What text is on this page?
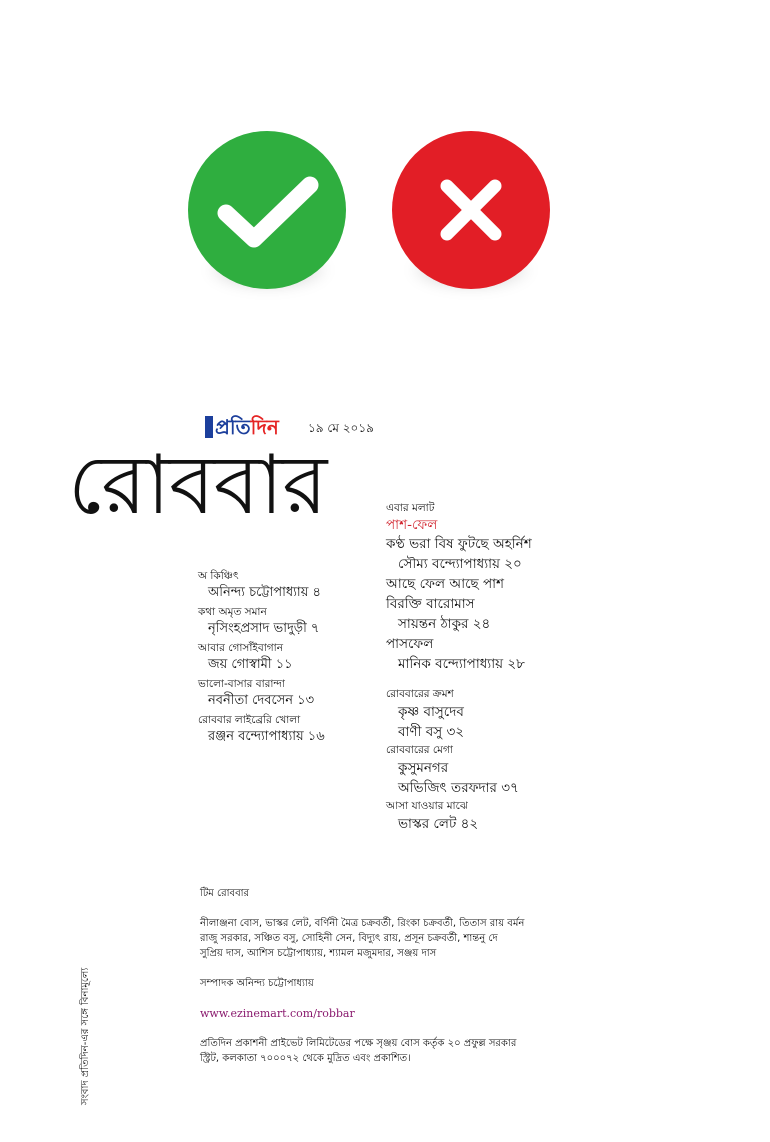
প্রতি দিন ১৯ মে ২০১৯
রোববার
অ কিঞ্চিৎ
অনিন্দ্য চট্টোপাধ্যায় ৪
কথা অমৃত সমান
নৃসিংহপ্রসাদ ভাদুড়ী ৭
আবার গোসাঁইবাগান
জয় গোস্বামী ১১
ভালো-বাসার বারান্দা
নবনীতা দেবসেন ১৩
রোববার লাইব্রেরি খোলা
রঞ্জন বন্দ্যোপাধ্যায় ১৬
এবার মলাট
পাশ-ফেল
কণ্ঠ ভরা বিষ ফুটছে অহর্নিশ
সৌম্য বন্দ্যোপাধ্যায় ২০
আছে ফেল আছে পাশ
বিরক্তি বারোমাস
সায়ন্তন ঠাকুর ২৪
পাসফেল
মানিক বন্দ্যোপাধ্যায় ২৮
রোববারের ক্রমশ
কৃষ্ণ বাসুদেব
বাণী বসু ৩২
রোববারের মেগা
কুসুমনগর
অভিজিৎ তরফদার ৩৭
আসা যাওয়ার মাঝে
ভাস্কর লেট ৪২
সংবাদ প্রতিদিন-এর সঙ্গে বিনামূল্যে
টিম রোববার
নীলাঞ্জনা বোস, ভাস্কর লেট, বর্ণিনী মৈত্র চক্রবর্তী, রিংকা চক্রবর্তী, তিতাস রায় বর্মন
রাজু সরকার, সঞ্চিত বসু, সোহিনী সেন, বিদ্যুৎ রায়, প্রসূন চক্রবর্তী, শান্তনু দে
সুপ্রিয় দাস, আশিস চট্টোপাধ্যায়, শ্যামল মজুমদার, সঞ্জয় দাস
সম্পাদক অনিন্দ্য চট্টোপাধ্যায়
www.ezinemart.com/robbar
প্রতিদিন প্রকাশনী প্রাইভেট লিমিটেডের পক্ষে সৃঞ্জয় বোস কর্তৃক ২০ প্রফুল্ল সরকার
স্ট্রিট, কলকাতা ৭০০০৭২ থেকে মুদ্রিত এবং প্রকাশিত।
